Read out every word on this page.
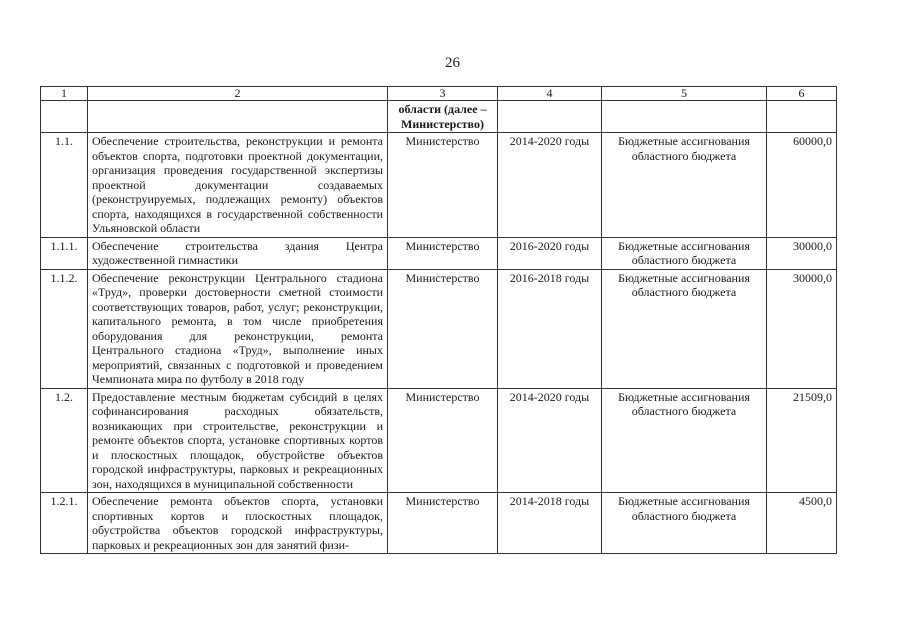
26
1	2	3	4	5	6
		области (далее – Министерство)			
1.1.	Обеспечение строительства, реконструкции и ремонта объектов спорта, подготовки проектной документации, организация проведения государственной экспертизы проектной документации создаваемых (реконструируемых, подлежащих ремонту) объектов спорта, находящихся в государственной собственности Ульяновской области	Министерство	2014-2020 годы	Бюджетные ассигнования областного бюджета	60000,0
1.1.1.	Обеспечение строительства здания Центра художественной гимнастики	Министерство	2016-2020 годы	Бюджетные ассигнования областного бюджета	30000,0
1.1.2.	Обеспечение реконструкции Центрального стадиона «Труд», проверки достоверности сметной стоимости соответствующих товаров, работ, услуг; реконструкции, капитального ремонта, в том числе приобретения оборудования для реконструкции, ремонта Центрального стадиона «Труд», выполнение иных мероприятий, связанных с подготовкой и проведением Чемпионата мира по футболу в 2018 году	Министерство	2016-2018 годы	Бюджетные ассигнования областного бюджета	30000,0
1.2.	Предоставление местным бюджетам субсидий в целях софинансирования расходных обязательств, возникающих при строительстве, реконструкции и ремонте объектов спорта, установке спортивных кортов и плоскостных площадок, обустройстве объектов городской инфраструктуры, парковых и рекреационных зон, находящихся в муниципальной собственности	Министерство	2014-2020 годы	Бюджетные ассигнования областного бюджета	21509,0
1.2.1.	Обеспечение ремонта объектов спорта, установки спортивных кортов и плоскостных площадок, обустройства объектов городской инфраструктуры, парковых и рекреационных зон для занятий физи-	Министерство	2014-2018 годы	Бюджетные ассигнования областного бюджета	4500,0
